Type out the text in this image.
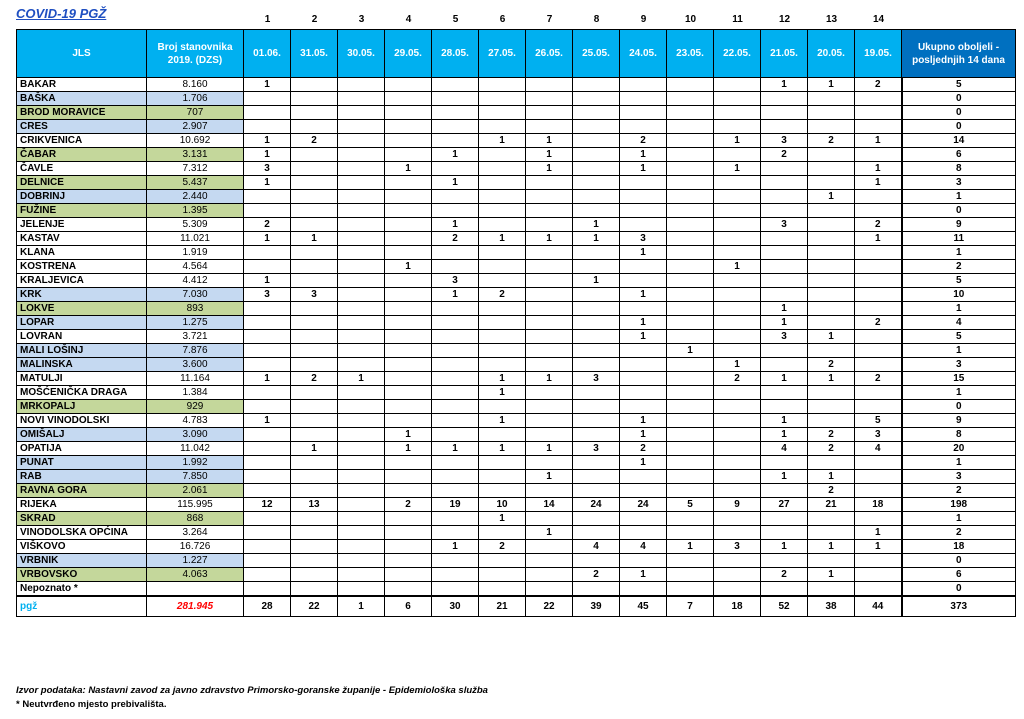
COVID-19 PGŽ	1	2	3	4	5	6	7	8	9	10	11	12	13	14
JLS	Broj stanovnika 2019. (DZS)	01.06.	31.05.	30.05.	29.05.	28.05.	27.05.	26.05.	25.05.	24.05.	23.05.	22.05.	21.05.	20.05.	19.05.	Ukupno oboljeli - posljednjih 14 dana
BAKAR	8.160	1											1	1	2	5
BAŠKA	1.706															0
BROD MORAVICE	707															0
CRES	2.907															0
CRIKVENICA	10.692	1	2				1	1		2		1	3	2	1	14
ČABAR	3.131	1				1		1		1			2			6
ČAVLE	7.312	3			1			1		1		1			1	8
DELNICE	5.437	1				1									1	3
DOBRINJ	2.440													1		1
FUŽINE	1.395															0
JELENJE	5.309	2				1			1				3		2	9
KASTAV	11.021	1	1			2	1	1	1	3					1	11
KLANA	1.919									1						1
KOSTRENA	4.564				1							1				2
KRALJEVICA	4.412	1				3			1							5
KRK	7.030	3	3			1	2			1						10
LOKVE	893												1			1
LOPAR	1.275									1			1		2	4
LOVRAN	3.721									1			3	1		5
MALI LOŠINJ	7.876										1					1
MALINSKA	3.600											1		2		3
MATULJI	11.164	1	2	1			1	1	3			2	1	1	2	15
MOŠĆENIČKA DRAGA	1.384						1									1
MRKOPALJ	929															0
NOVI VINODOLSKI	4.783	1					1			1			1		5	9
OMIŠALJ	3.090				1					1			1	2	3	8
OPATIJA	11.042		1		1	1	1	1	3	2			4	2	4	20
PUNAT	1.992									1						1
RAB	7.850							1					1	1		3
RAVNA GORA	2.061													2		2
RIJEKA	115.995	12	13		2	19	10	14	24	24	5	9	27	21	18	198
SKRAD	868						1									1
VINODOLSKA OPĆINA	3.264							1							1	2
VIŠKOVO	16.726					1	2		4	4	1	3	1	1	1	18
VRBNIK	1.227															0
VRBOVSKO	4.063								2	1			2	1		6
Nepoznato *																0
pgž	281.945	28	22	1	6	30	21	22	39	45	7	18	52	38	44	373
Izvor podataka: Nastavni zavod za javno zdravstvo Primorsko-goranske županije - Epidemiološka služba
* Neutvrđeno mjesto prebivališta.
